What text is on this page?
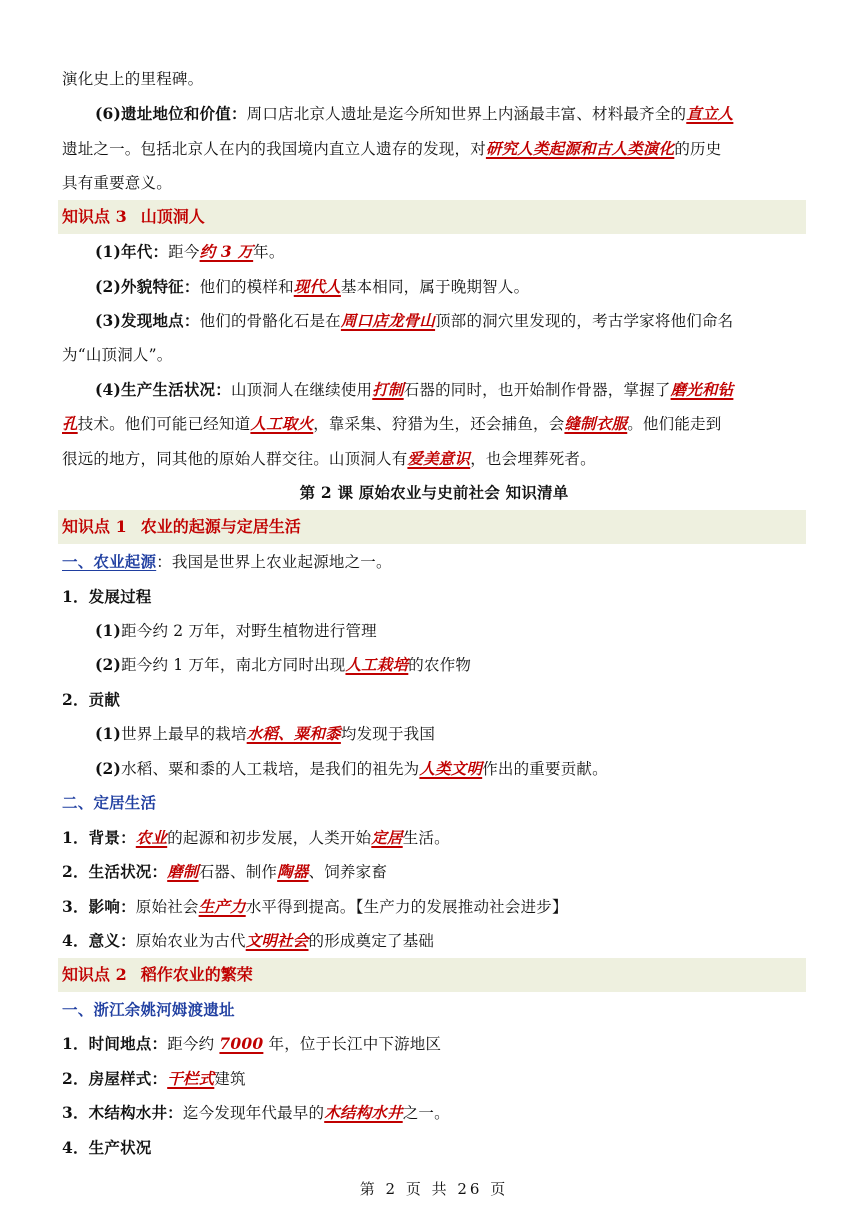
演化史上的里程碑。
(6)遗址地位和价值：周口店北京人遗址是迄今所知世界上内涵最丰富、材料最齐全的直立人
遗址之一。包括北京人在内的我国境内直立人遗存的发现，对研究人类起源和古人类演化的历史
具有重要意义。
知识点 3 山顶洞人
(1)年代：距今约 3 万年。
(2)外貌特征：他们的模样和现代人基本相同，属于晚期智人。
(3)发现地点：他们的骨骼化石是在周口店龙骨山顶部的洞穴里发现的，考古学家将他们命名
为“山顶洞人”。
(4)生产生活状况：山顶洞人在继续使用打制石器的同时，也开始制作骨器，掌握了磨光和钻
孔技术。他们可能已经知道人工取火，靠采集、狩猎为生，还会捕鱼，会缝制衣服。他们能走到
很远的地方，同其他的原始人群交往。山顶洞人有爱美意识，也会埋葬死者。
第 2 课 原始农业与史前社会 知识清单
知识点 1 农业的起源与定居生活
一、农业起源：我国是世界上农业起源地之一。
1．发展过程
(1)距今约 2 万年，对野生植物进行管理
(2)距今约 1 万年，南北方同时出现人工栽培的农作物
2．贡献
(1)世界上最早的栽培水稻、粟和黍均发现于我国
(2)水稻、粟和黍的人工栽培，是我们的祖先为人类文明作出的重要贡献。
二、定居生活
1．背景：农业的起源和初步发展，人类开始定居生活。
2．生活状况：磨制石器、制作陶器、饲养家畜
3．影响：原始社会生产力水平得到提高。【生产力的发展推动社会进步】
4．意义：原始农业为古代文明社会的形成奠定了基础
知识点 2 稻作农业的繁荣
一、浙江余姚河姆渡遗址
1．时间地点：距今约 7000 年，位于长江中下游地区
2．房屋样式：干栏式建筑
3．木结构水井：迄今发现年代最早的木结构水井之一。
4．生产状况
第 2 页 共 26 页
